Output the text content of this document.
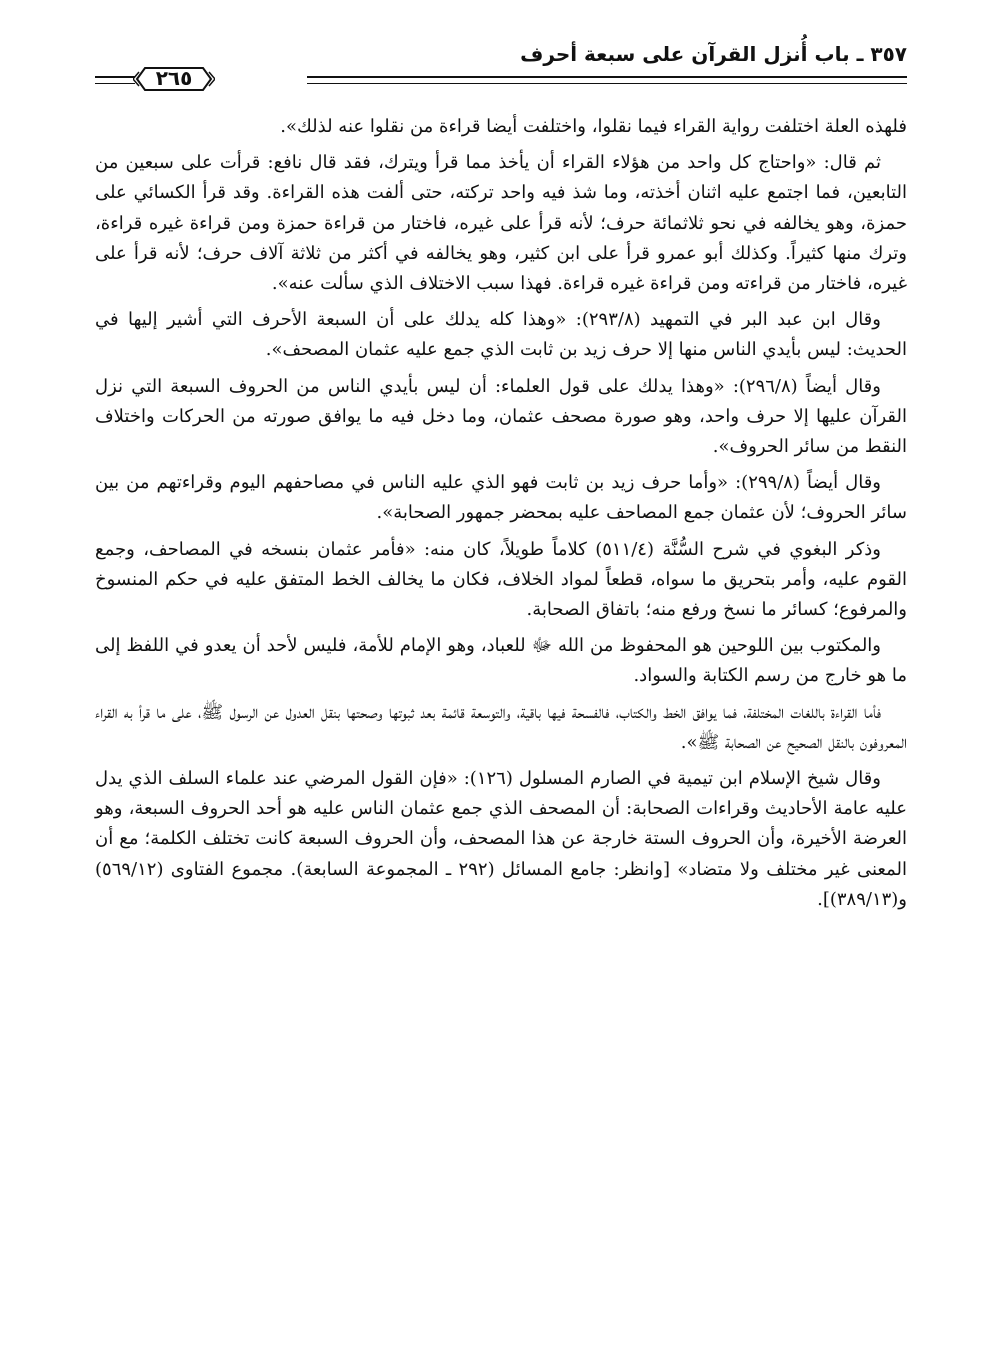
٣٥٧ ـ باب أُنزل القرآن على سبعة أحرف
٢٦٥

فلهذه العلة اختلفت رواية القراء فيما نقلوا، واختلفت أيضا قراءة من نقلوا عنه لذلك».

ثم قال: «واحتاج كل واحد من هؤلاء القراء أن يأخذ مما قرأ ويترك، فقد قال نافع: قرأت على سبعين من التابعين، فما اجتمع عليه اثنان أخذته، وما شذ فيه واحد تركته، حتى ألفت هذه القراءة. وقد قرأ الكسائي على حمزة، وهو يخالفه في نحو ثلاثمائة حرف؛ لأنه قرأ على غيره، فاختار من قراءة حمزة ومن قراءة غيره قراءة، وترك منها كثيراً. وكذلك أبو عمرو قرأ على ابن كثير، وهو يخالفه في أكثر من ثلاثة آلاف حرف؛ لأنه قرأ على غيره، فاختار من قراءته ومن قراءة غيره قراءة. فهذا سبب الاختلاف الذي سألت عنه».

وقال ابن عبد البر في التمهيد (٢٩٣/٨): «وهذا كله يدلك على أن السبعة الأحرف التي أشير إليها في الحديث: ليس بأيدي الناس منها إلا حرف زيد بن ثابت الذي جمع عليه عثمان المصحف».

وقال أيضاً (٢٩٦/٨): «وهذا يدلك على قول العلماء: أن ليس بأيدي الناس من الحروف السبعة التي نزل القرآن عليها إلا حرف واحد، وهو صورة مصحف عثمان، وما دخل فيه ما يوافق صورته من الحركات واختلاف النقط من سائر الحروف».

وقال أيضاً (٢٩٩/٨): «وأما حرف زيد بن ثابت فهو الذي عليه الناس في مصاحفهم اليوم وقراءتهم من بين سائر الحروف؛ لأن عثمان جمع المصاحف عليه بمحضر جمهور الصحابة».

وذكر البغوي في شرح السُّنَّة (٥١١/٤) كلاماً طويلاً، كان منه: «فأمر عثمان بنسخه في المصاحف، وجمع القوم عليه، وأمر بتحريق ما سواه، قطعاً لمواد الخلاف، فكان ما يخالف الخط المتفق عليه في حكم المنسوخ والمرفوع؛ كسائر ما نسخ ورفع منه؛ باتفاق الصحابة.

والمكتوب بين اللوحين هو المحفوظ من الله ﷻ للعباد، وهو الإمام للأمة، فليس لأحد أن يعدو في اللفظ إلى ما هو خارج من رسم الكتابة والسواد.

فأما القراءة باللغات المختلفة، فما يوافق الخط والكتاب، فالفسحة فيها باقية، والتوسعة قائمة بعد ثبوتها وصحتها بنقل العدول عن الرسول ﷺ، على ما قرأ به القراء المعروفون بالنقل الصحيح عن الصحابة ﷺ».

وقال شيخ الإسلام ابن تيمية في الصارم المسلول (١٢٦): «فإن القول المرضي عند علماء السلف الذي يدل عليه عامة الأحاديث وقراءات الصحابة: أن المصحف الذي جمع عثمان الناس عليه هو أحد الحروف السبعة، وهو العرضة الأخيرة، وأن الحروف الستة خارجة عن هذا المصحف، وأن الحروف السبعة كانت تختلف الكلمة؛ مع أن المعنى غير مختلف ولا متضاد» [وانظر: جامع المسائل (٢٩٢ ـ المجموعة السابعة). مجموع الفتاوى (٥٦٩/١٢) و(٣٨٩/١٣)].
